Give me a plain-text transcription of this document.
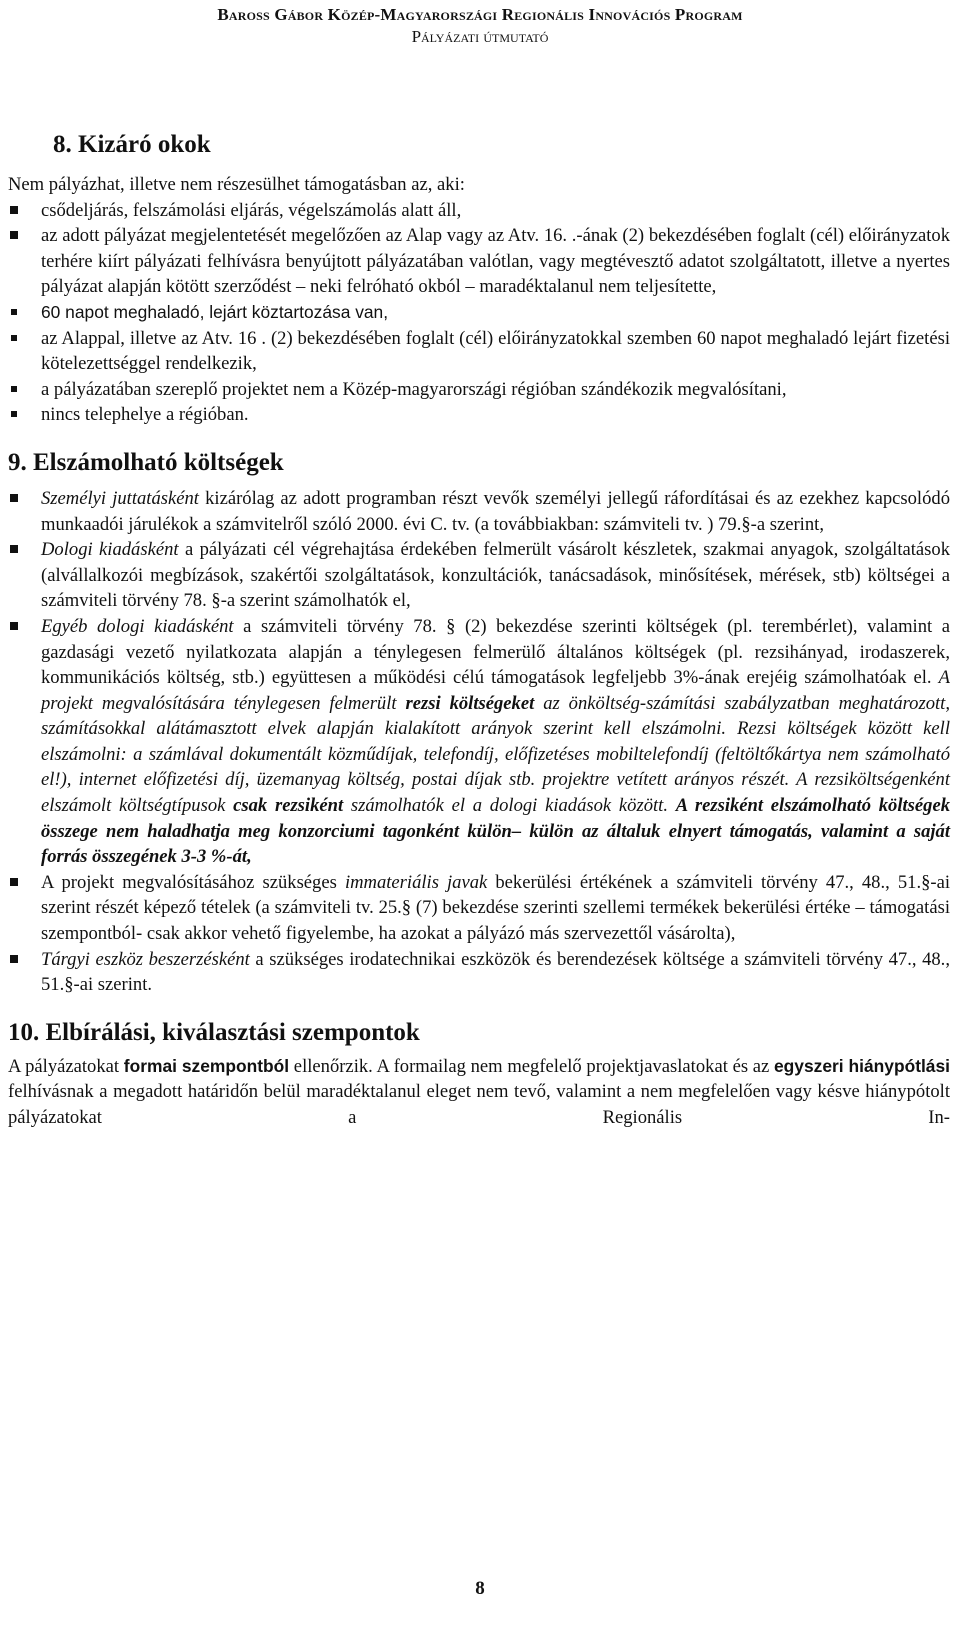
Baross Gábor Közép-Magyarországi Regionális Innovációs Program
Pályázati útmutató
8. Kizáró okok

Nem pályázhat, illetve nem részesülhet támogatásban az, aki:

csődeljárás, felszámolási eljárás, végelszámolás alatt áll,
az adott pályázat megjelentetését megelőzően az Alap vagy az Atv. 16. .-ának (2) bekezdésében foglalt (cél) előirányzatok terhére kiírt pályázati felhívásra benyújtott pályázatában valótlan, vagy megtévesztő adatot szolgáltatott, illetve a nyertes pályázat alapján kötött szerződést – neki felróható okból – maradéktalanul nem teljesítette,
60 napot meghaladó, lejárt köztartozása van,
az Alappal, illetve az Atv. 16 . (2) bekezdésében foglalt (cél) előirányzatokkal szemben 60 napot meghaladó lejárt fizetési kötelezettséggel rendelkezik,
a pályázatában szereplő projektet nem a Közép-magyarországi régióban szándékozik megvalósítani,
nincs telephelye a régióban.
9. Elszámolható költségek
Személyi juttatásként kizárólag az adott programban részt vevők személyi jellegű ráfordításai és az ezekhez kapcsolódó munkaadói járulékok a számvitelről szóló 2000. évi C. tv. (a továbbiakban: számviteli tv. ) 79.§-a szerint,
Dologi kiadásként a pályázati cél végrehajtása érdekében felmerült vásárolt készletek, szakmai anyagok, szolgáltatások (alvállalkozói megbízások, szakértői szolgáltatások, konzultációk, tanácsadások, minősítések, mérések, stb) költségei a számviteli törvény 78. §-a szerint számolhatók el,
Egyéb dologi kiadásként a számviteli törvény 78. § (2) bekezdése szerinti költségek (pl. terembérlet), valamint a gazdasági vezető nyilatkozata alapján a ténylegesen felmerülő általános költségek (pl. rezsihányad, irodaszerek, kommunikációs költség, stb.) együttesen a működési célú támogatások legfeljebb 3%-ának erejéig számolhatóak el. A projekt megvalósítására ténylegesen felmerült rezsi költségeket az önköltség-számítási szabályzatban meghatározott, számításokkal alátámasztott elvek alapján kialakított arányok szerint kell elszámolni. Rezsi költségek között kell elszámolni: a számlával dokumentált közműdíjak, telefondíj, előfizetéses mobiltelefondíj (feltöltőkártya nem számolható el!), internet előfizetési díj, üzemanyag költség, postai díjak stb. projektre vetített arányos részét. A rezsiköltségenként elszámolt költségtípusok csak rezsiként számolhatók el a dologi kiadások között. A rezsiként elszámolható költségek összege nem haladhatja meg konzorciumi tagonként külön– külön az általuk elnyert támogatás, valamint a saját forrás összegének 3-3 %-át,
A projekt megvalósításához szükséges immateriális javak bekerülési értékének a számviteli törvény 47., 48., 51.§-ai szerint részét képező tételek (a számviteli tv. 25.§ (7) bekezdése szerinti szellemi termékek bekerülési értéke – támogatási szempontból- csak akkor vehető figyelembe, ha azokat a pályázó más szervezettől vásárolta),
Tárgyi eszköz beszerzésként a szükséges irodatechnikai eszközök és berendezések költsége a számviteli törvény 47., 48., 51.§-ai szerint.
10. Elbírálási, kiválasztási szempontok

A pályázatokat formai szempontból ellenőrzik. A formailag nem megfelelő projektjavaslatokat és az egyszeri hiánypótlási felhívásnak a megadott határidőn belül maradéktalanul eleget nem tevő, valamint a nem megfelelően vagy késve hiánypótolt pályázatokat a Regionális In-

8
